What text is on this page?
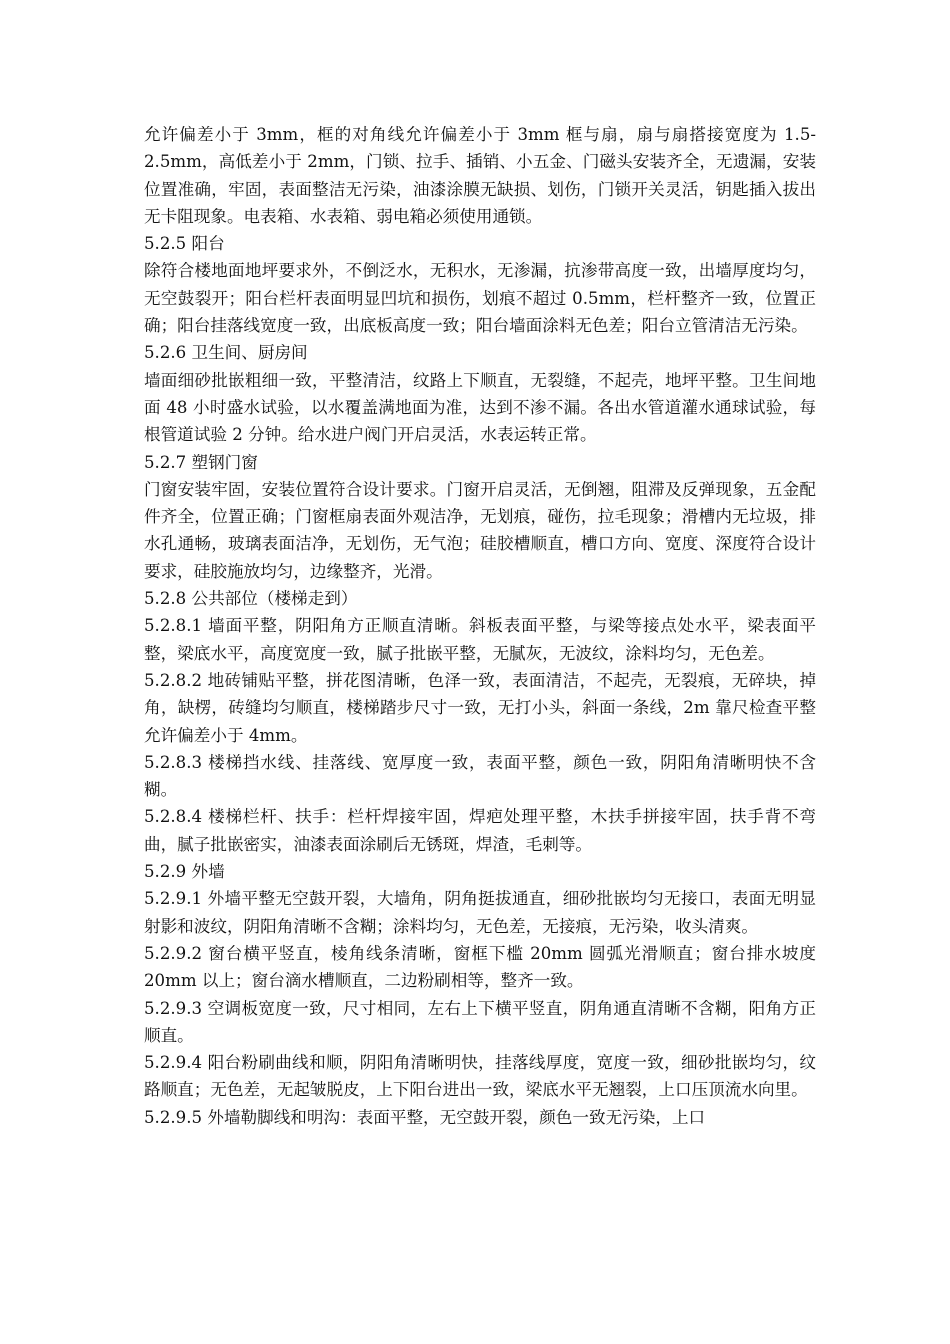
允许偏差小于 3mm，框的对角线允许偏差小于 3mm 框与扇，扇与扇搭接宽度为 1.5-2.5mm，高低差小于 2mm，门锁、拉手、插销、小五金、门磁头安装齐全，无遗漏，安装位置准确，牢固，表面整洁无污染，油漆涂膜无缺损、划伤，门锁开关灵活，钥匙插入拔出无卡阻现象。电表箱、水表箱、弱电箱必须使用通锁。

5.2.5 阳台

除符合楼地面地坪要求外，不倒泛水，无积水，无渗漏，抗渗带高度一致，出墙厚度均匀，无空鼓裂开；阳台栏杆表面明显凹坑和损伤，划痕不超过 0.5mm，栏杆整齐一致，位置正确；阳台挂落线宽度一致，出底板高度一致；阳台墙面涂料无色差；阳台立管清洁无污染。

5.2.6 卫生间、厨房间

墙面细砂批嵌粗细一致，平整清洁，纹路上下顺直，无裂缝，不起壳，地坪平整。卫生间地面 48 小时盛水试验，以水覆盖满地面为准，达到不渗不漏。各出水管道灌水通球试验，每根管道试验 2 分钟。给水进户阀门开启灵活，水表运转正常。

5.2.7 塑钢门窗

门窗安装牢固，安装位置符合设计要求。门窗开启灵活，无倒翘，阻滞及反弹现象，五金配件齐全，位置正确；门窗框扇表面外观洁净，无划痕，碰伤，拉毛现象；滑槽内无垃圾，排水孔通畅，玻璃表面洁净，无划伤，无气泡；硅胶槽顺直，槽口方向、宽度、深度符合设计要求，硅胶施放均匀，边缘整齐，光滑。

5.2.8 公共部位（楼梯走到）

5.2.8.1 墙面平整，阴阳角方正顺直清晰。斜板表面平整，与梁等接点处水平，梁表面平整，梁底水平，高度宽度一致，腻子批嵌平整，无腻灰，无波纹，涂料均匀，无色差。

5.2.8.2 地砖铺贴平整，拼花图清晰，色泽一致，表面清洁，不起壳，无裂痕，无碎块，掉角，缺楞，砖缝均匀顺直，楼梯踏步尺寸一致，无打小头，斜面一条线，2m 靠尺检查平整允许偏差小于 4mm。

5.2.8.3 楼梯挡水线、挂落线、宽厚度一致，表面平整，颜色一致，阴阳角清晰明快不含糊。

5.2.8.4 楼梯栏杆、扶手：栏杆焊接牢固，焊疤处理平整，木扶手拼接牢固，扶手背不弯曲，腻子批嵌密实，油漆表面涂刷后无锈斑，焊渣，毛刺等。

5.2.9 外墙

5.2.9.1 外墙平整无空鼓开裂，大墙角，阴角挺拔通直，细砂批嵌均匀无接口，表面无明显射影和波纹，阴阳角清晰不含糊；涂料均匀，无色差，无接痕，无污染，收头清爽。

5.2.9.2 窗台横平竖直，棱角线条清晰，窗框下槛 20mm 圆弧光滑顺直；窗台排水坡度 20mm 以上；窗台滴水槽顺直，二边粉刷相等，整齐一致。

5.2.9.3 空调板宽度一致，尺寸相同，左右上下横平竖直，阴角通直清晰不含糊，阳角方正顺直。

5.2.9.4 阳台粉刷曲线和顺，阴阳角清晰明快，挂落线厚度，宽度一致，细砂批嵌均匀，纹路顺直；无色差，无起皱脱皮，上下阳台进出一致，梁底水平无翘裂，上口压顶流水向里。

5.2.9.5 外墙勒脚线和明沟：表面平整，无空鼓开裂，颜色一致无污染，上口
